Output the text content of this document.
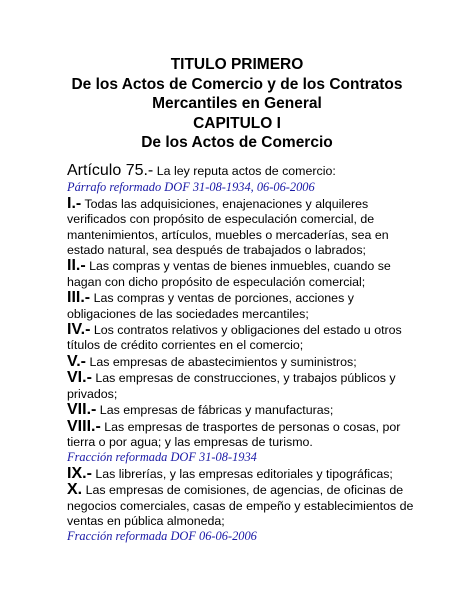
TITULO PRIMERO
De los Actos de Comercio y de los Contratos
Mercantiles en General
CAPITULO I
De los Actos de Comercio
Artículo 75.- La ley reputa actos de comercio:
Párrafo reformado DOF 31-08-1934, 06-06-2006
I.- Todas las adquisiciones, enajenaciones y alquileres verificados con propósito de especulación comercial, de mantenimientos, artículos, muebles o mercaderías, sea en estado natural, sea después de trabajados o labrados;
II.- Las compras y ventas de bienes inmuebles, cuando se hagan con dicho propósito de especulación comercial;
III.- Las compras y ventas de porciones, acciones y obligaciones de las sociedades mercantiles;
IV.- Los contratos relativos y obligaciones del estado u otros títulos de crédito corrientes en el comercio;
V.- Las empresas de abastecimientos y suministros;
VI.- Las empresas de construcciones, y trabajos públicos y privados;
VII.- Las empresas de fábricas y manufacturas;
VIII.- Las empresas de trasportes de personas o cosas, por tierra o por agua; y las empresas de turismo.
Fracción reformada DOF 31-08-1934
IX.- Las librerías, y las empresas editoriales y tipográficas;
X. Las empresas de comisiones, de agencias, de oficinas de negocios comerciales, casas de empeño y establecimientos de ventas en pública almoneda;
Fracción reformada DOF 06-06-2006
